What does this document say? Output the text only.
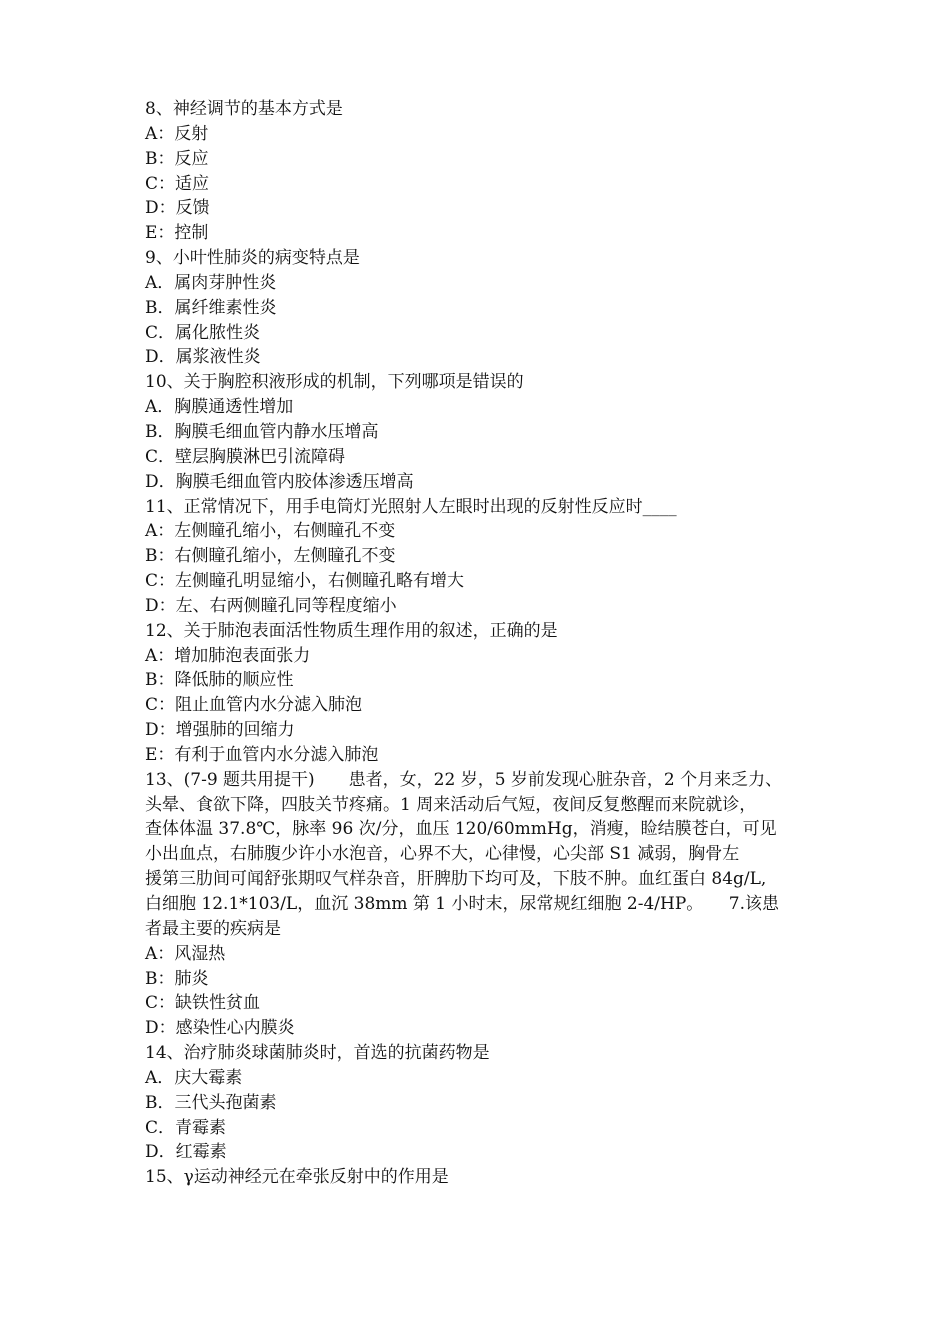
8、神经调节的基本方式是
A：反射
B：反应
C：适应
D：反馈
E：控制
9、小叶性肺炎的病变特点是
A．属肉芽肿性炎
B．属纤维素性炎
C．属化脓性炎
D．属浆液性炎
10、关于胸腔积液形成的机制，下列哪项是错误的
A．胸膜通透性增加
B．胸膜毛细血管内静水压增高
C．壁层胸膜淋巴引流障碍
D．胸膜毛细血管内胶体渗透压增高
11、正常情况下，用手电筒灯光照射人左眼时出现的反射性反应时____
A：左侧瞳孔缩小，右侧瞳孔不变
B：右侧瞳孔缩小，左侧瞳孔不变
C：左侧瞳孔明显缩小，右侧瞳孔略有增大
D：左、右两侧瞳孔同等程度缩小
12、关于肺泡表面活性物质生理作用的叙述，正确的是
A：增加肺泡表面张力
B：降低肺的顺应性
C：阻止血管内水分滤入肺泡
D：增强肺的回缩力
E：有利于血管内水分滤入肺泡
13、(7-9 题共用提干)　　患者，女，22 岁，5 岁前发现心脏杂音，2 个月来乏力、
头晕、食欲下降，四肢关节疼痛。1 周来活动后气短，夜间反复憋醒而来院就诊，
查体体温 37.8℃，脉率 96 次/分，血压 120/60mmHg，消瘦，睑结膜苍白，可见
小出血点，右肺腹少许小水泡音，心界不大，心律慢，心尖部 S1 减弱，胸骨左
援第三肋间可闻舒张期叹气样杂音，肝脾肋下均可及，下肢不肿。血红蛋白 84g/L,
白细胞 12.1*103/L，血沉 38mm 第 1 小时末，尿常规红细胞 2-4/HP。　　7.该患
者最主要的疾病是
A：风湿热
B：肺炎
C：缺铁性贫血
D：感染性心内膜炎
14、治疗肺炎球菌肺炎时，首选的抗菌药物是
A．庆大霉素
B．三代头孢菌素
C．青霉素
D．红霉素
15、γ运动神经元在牵张反射中的作用是
